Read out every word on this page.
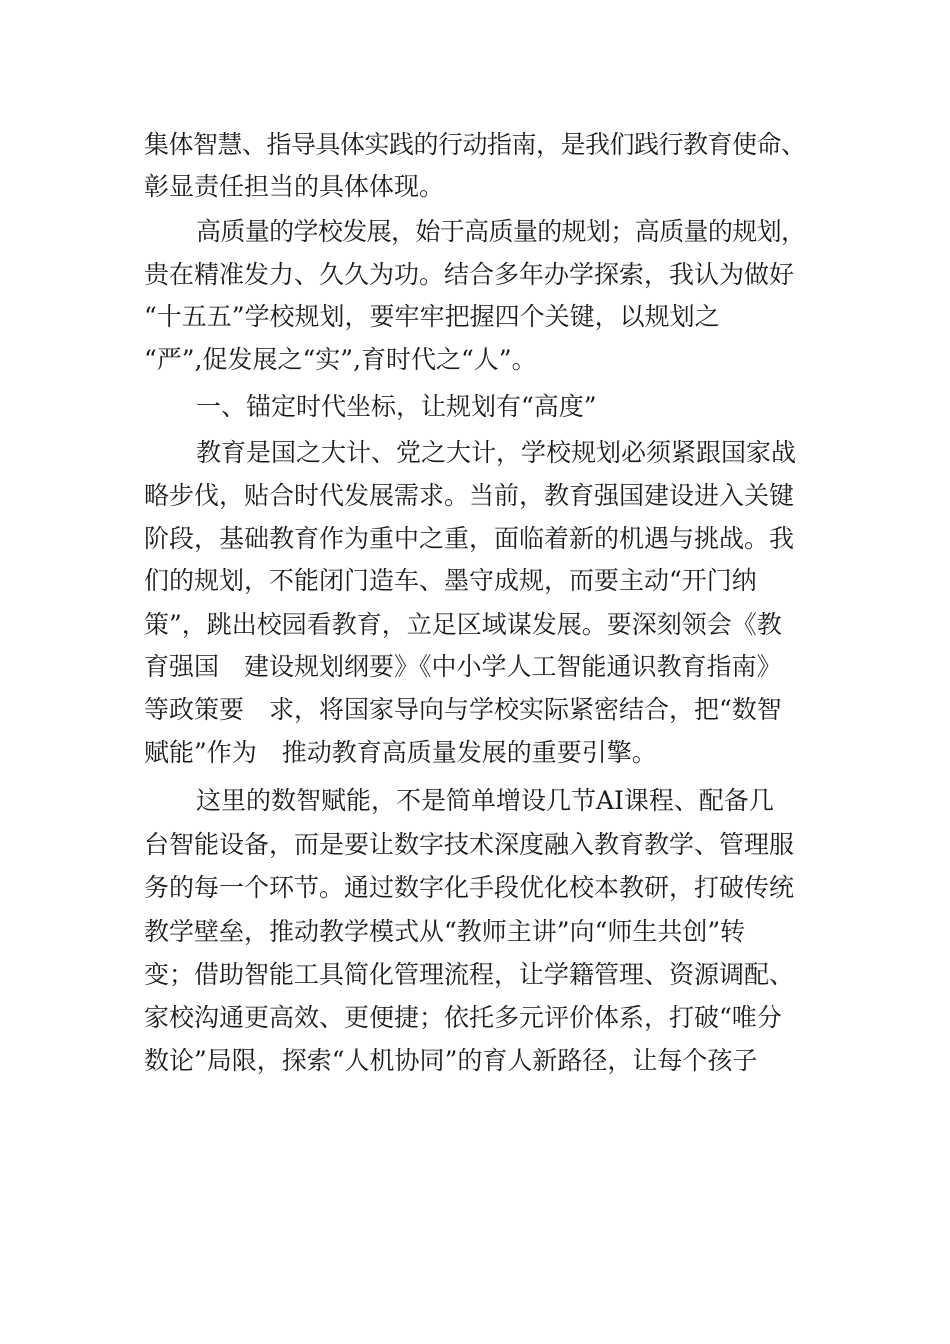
集体智慧、指导具体实践的行动指南，是我们践行教育使命、
彰显责任担当的具体体现。
高质量的学校发展，始于高质量的规划；高质量的规划，
贵在精准发力、久久为功。结合多年办学探索，我认为做好
“十五五”学校规划，要牢牢把握四个关键，以规划之
“严”,促发展之“实”,育时代之“人”。
一、锚定时代坐标，让规划有“高度”
教育是国之大计、党之大计，学校规划必须紧跟国家战
略步伐，贴合时代发展需求。当前，教育强国建设进入关键
阶段，基础教育作为重中之重，面临着新的机遇与挑战。我
们的规划，不能闭门造车、墨守成规，而要主动“开门纳
策”，跳出校园看教育，立足区域谋发展。要深刻领会《教
育强国　建设规划纲要》《中小学人工智能通识教育指南》
等政策要　求，将国家导向与学校实际紧密结合，把“数智
赋能”作为　推动教育高质量发展的重要引擎。
这里的数智赋能，不是简单增设几节AI课程、配备几
台智能设备，而是要让数字技术深度融入教育教学、管理服
务的每一个环节。通过数字化手段优化校本教研，打破传统
教学壁垒，推动教学模式从“教师主讲”向“师生共创”转
变；借助智能工具简化管理流程，让学籍管理、资源调配、
家校沟通更高效、更便捷；依托多元评价体系，打破“唯分
数论”局限，探索“人机协同”的育人新路径，让每个孩子
